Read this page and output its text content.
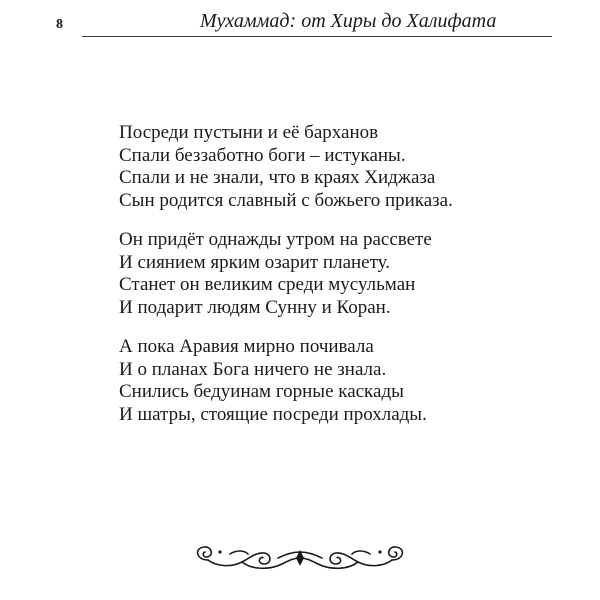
8	Мухаммад: от Хиры до Халифата
Посреди пустыни и её барханов
Спали беззаботно боги – истуканы.
Спали и не знали, что в краях Хиджаза
Сын родится славный с божьего приказа.
Он придёт однажды утром на рассвете
И сиянием ярким озарит планету.
Станет он великим среди мусульман
И подарит людям Сунну и Коран.
А пока Аравия мирно почивала
И о планах Бога ничего не знала.
Снились бедуинам горные каскады
И шатры, стоящие посреди прохлады.
